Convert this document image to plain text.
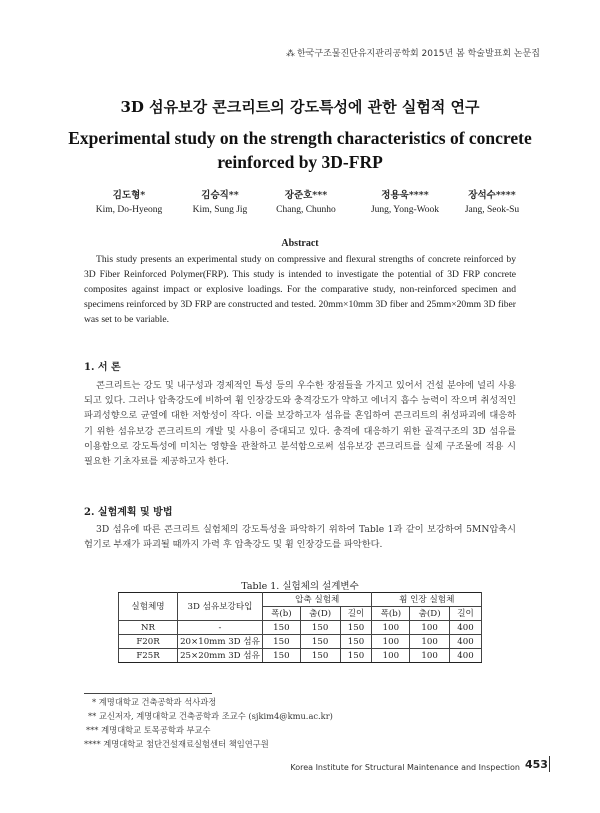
⁂ 한국구조물진단유지관리공학회 2015년 봄 학술발표회 논문집
3D 섬유보강 콘크리트의 강도특성에 관한 실험적 연구
Experimental study on the strength characteristics of concrete
reinforced by 3D-FRP
김도형*
Kim, Do-Hyeong
김승직**
Kim, Sung Jig
장준호***
Chang, Chunho
정용욱****
Jung, Yong-Wook
장석수****
Jang, Seok-Su
Abstract
This study presents an experimental study on compressive and flexural strengths of concrete reinforced by 3D Fiber Reinforced Polymer(FRP). This study is intended to investigate the potential of 3D FRP concrete composites against impact or explosive loadings. For the comparative study, non-reinforced specimen and specimens reinforced by 3D FRP are constructed and tested. 20mm×10mm 3D fiber and 25mm×20mm 3D fiber was set to be variable.
1. 서 론
콘크리트는 강도 및 내구성과 경제적인 특성 등의 우수한 장점들을 가지고 있어서 건설 분야에 널리 사용되고 있다. 그러나 압축강도에 비하여 휨 인장강도와 충격강도가 약하고 에너지 흡수 능력이 작으며 취성적인 파괴성향으로 균열에 대한 저항성이 작다. 이를 보강하고자 섬유를 혼입하여 콘크리트의 취성파괴에 대응하기 위한 섬유보강 콘크리트의 개발 및 사용이 증대되고 있다. 충격에 대응하기 위한 골격구조의 3D 섬유를 이용함으로 강도특성에 미치는 영향을 관찰하고 분석함으로써 섬유보강 콘크리트를 실제 구조물에 적용 시 필요한 기초자료를 제공하고자 한다.
2. 실험계획 및 방법
3D 섬유에 따른 콘크리트 실험체의 강도특성을 파악하기 위하여 Table 1과 같이 보강하여 5MN압축시험기로 부재가 파괴될 때까지 가력 후 압축강도 및 휨 인장강도를 파악한다.
Table 1. 실험체의 설계변수
실험체명	3D 섬유보강타입	압축 실험체			휨 인장 실험체		
		폭(b)	춤(D)	길이	폭(b)	춤(D)	길이
NR	-	150	150	150	100	100	400
F20R	20×10mm 3D 섬유	150	150	150	100	100	400
F25R	25×20mm 3D 섬유	150	150	150	100	100	400
* 계명대학교 건축공학과 석사과정
** 교신저자, 계명대학교 건축공학과 조교수 (sjkim4@kmu.ac.kr)
*** 계명대학교 토목공학과 부교수
**** 계명대학교 첨단건설재료실험센터 책임연구원
Korea Institute for Structural Maintenance and Inspection 453
